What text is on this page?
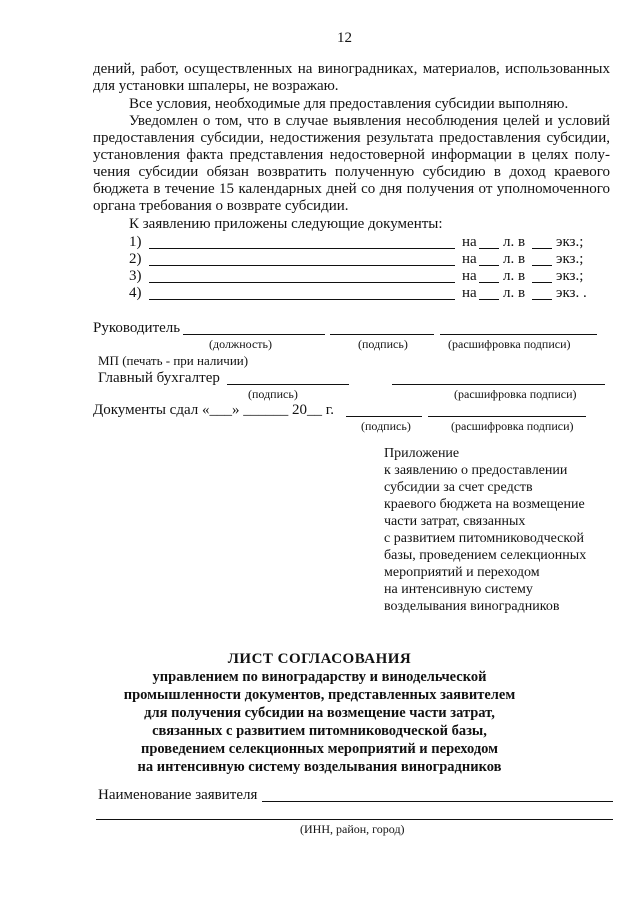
12
дений, работ, осуществленных на виноградниках, материалов, использованных
для установки шпалеры, не возражаю.
Все условия, необходимые для предоставления субсидии выполняю.
Уведомлен о том, что в случае выявления несоблюдения целей и условий
предоставления субсидии, недостижения результата предоставления субсидии,
установления факта представления недостоверной информации в целях полу-
чения субсидии обязан возвратить полученную субсидию в доход краевого
бюджета в течение 15 календарных дней со дня получения от уполномоченного
органа требования о возврате субсидии.
К заявлению приложены следующие документы:
1)	на л. в экз.;
2)	на л. в экз.;
3)	на л. в экз.;
4)	на л. в экз. .
Руководитель
(должность)	(подпись)	(расшифровка подписи)
МП (печать - при наличии)
Главный бухгалтер
(подпись)	(расшифровка подписи)
Документы сдал «___» ______ 20__ г.
(подпись)	(расшифровка подписи)
Приложение
к заявлению о предоставлении
субсидии за счет средств
краевого бюджета на возмещение
части затрат, связанных
с развитием питомниководческой
базы, проведением селекционных
мероприятий и переходом
на интенсивную систему
возделывания виноградников
ЛИСТ СОГЛАСОВАНИЯ
управлением по виноградарству и винодельческой
промышленности документов, представленных заявителем
для получения субсидии на возмещение части затрат,
связанных с развитием питомниководческой базы,
проведением селекционных мероприятий и переходом
на интенсивную систему возделывания виноградников
Наименование заявителя
(ИНН, район, город)
